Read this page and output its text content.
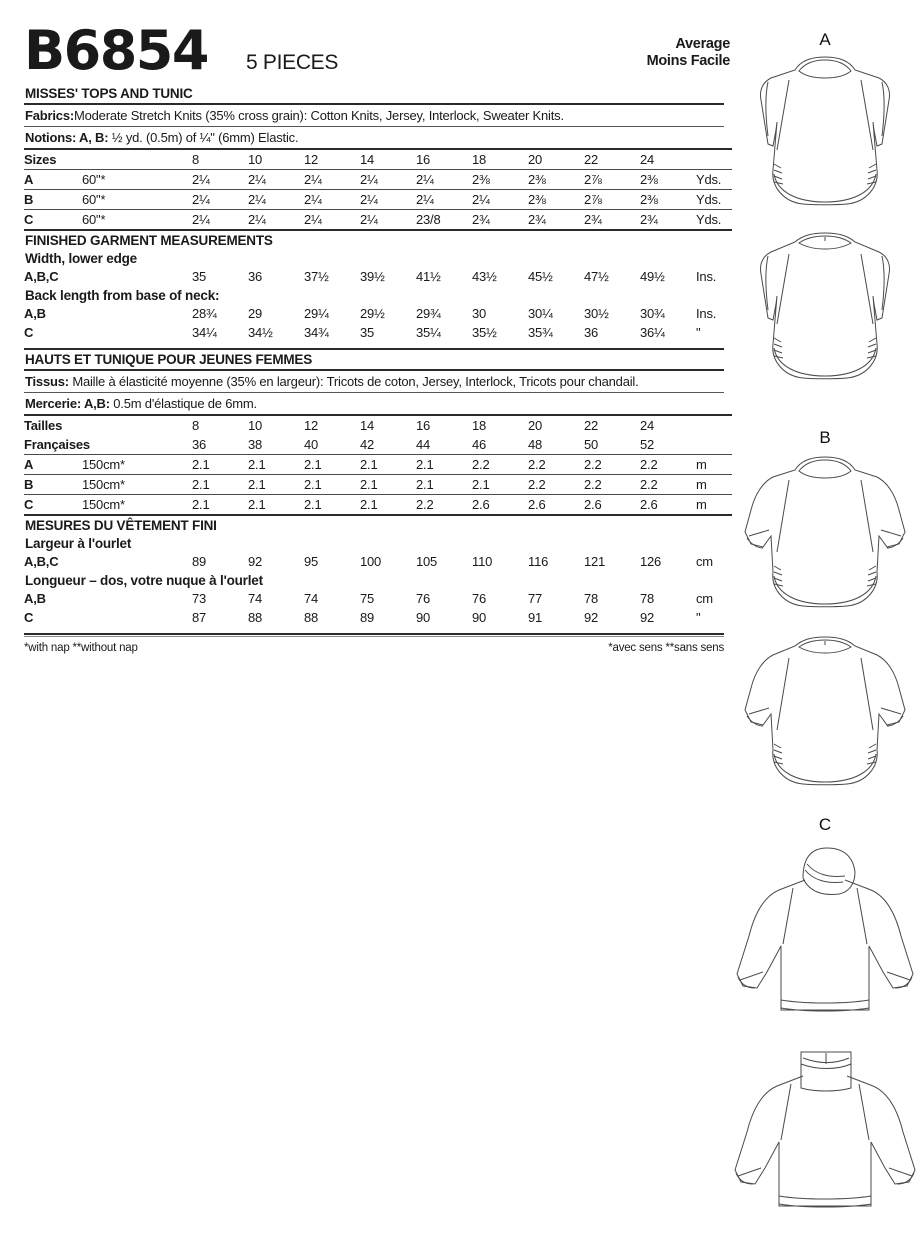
B6854 5 PIECES
MISSES' TOPS AND TUNIC
Fabrics:Moderate Stretch Knits (35% cross grain): Cotton Knits, Jersey, Interlock, Sweater Knits.
Notions: A, B: ½ yd. (0.5m) of ¼" (6mm) Elastic.
Sizes		8	10	12	14	16	18	20	22	24	
A	60"*	2¼	2¼	2¼	2¼	2¼	2⅜	2⅜	2⅞	2⅜	Yds.
B	60"*	2¼	2¼	2¼	2¼	2¼	2¼	2⅜	2⅞	2⅜	Yds.
C	60"*	2¼	2¼	2¼	2¼	23/8	2¾	2¾	2¾	2¾	Yds.
FINISHED GARMENT MEASUREMENTS
Width, lower edge
A,B,C		35	36	37½	39½	41½	43½	45½	47½	49½	Ins.
Back length from base of neck:
A,B		28¾	29	29¼	29½	29¾	30	30¼	30½	30¾	Ins.
C		34¼	34½	34¾	35	35¼	35½	35¾	36	36¼	"
HAUTS ET TUNIQUE POUR JEUNES FEMMES
Tissus: Maille à élasticité moyenne (35% en largeur): Tricots de coton, Jersey, Interlock, Tricots pour chandail.
Mercerie: A,B: 0.5m d'élastique de 6mm.
Tailles		8	10	12	14	16	18	20	22	24	
Françaises		36	38	40	42	44	46	48	50	52	
A	150cm*	2.1	2.1	2.1	2.1	2.1	2.2	2.2	2.2	2.2	m
B	150cm*	2.1	2.1	2.1	2.1	2.1	2.1	2.2	2.2	2.2	m
C	150cm*	2.1	2.1	2.1	2.1	2.2	2.6	2.6	2.6	2.6	m
MESURES DU VÊTEMENT FINI
Largeur à l'ourlet
A,B,C		89	92	95	100	105	110	116	121	126	cm
Longueur – dos, votre nuque à l'ourlet
A,B		73	74	74	75	76	76	77	78	78	cm
C		87	88	88	89	90	90	91	92	92	"
*with nap **without nap	*avec sens **sans sens
Average
Moins Facile
A
B
C
